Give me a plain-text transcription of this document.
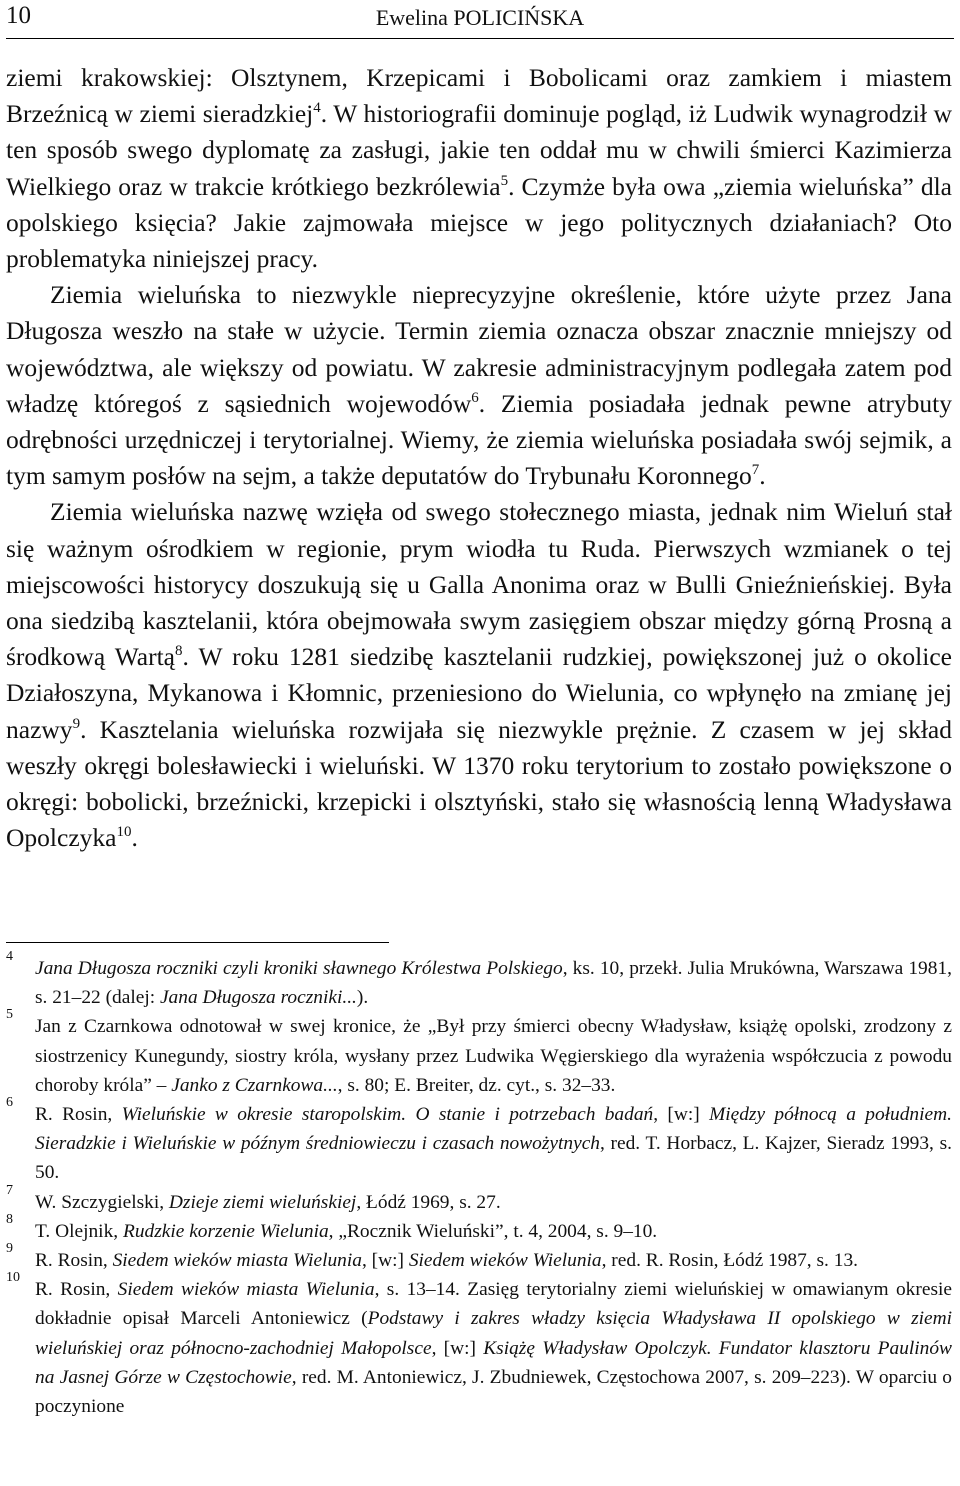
10	Ewelina POLICIŃSKA

ziemi krakowskiej: Olsztynem, Krzepicami i Bobolicami oraz zamkiem i miastem Brzeźnicą w ziemi sieradzkiej$^4$. W historiografii dominuje pogląd, iż Ludwik wynagrodził w ten sposób swego dyplomatę za zasługi, jakie ten oddał mu w chwili śmierci Kazimierza Wielkiego oraz w trakcie krótkiego bezkrólewia$^5$. Czymże była owa „ziemia wieluńska” dla opolskiego księcia? Jakie zajmowała miejsce w jego politycznych działaniach? Oto problematyka niniejszej pracy.

Ziemia wieluńska to niezwykle nieprecyzyjne określenie, które użyte przez Jana Długosza weszło na stałe w użycie. Termin ziemia oznacza obszar znacznie mniejszy od województwa, ale większy od powiatu. W zakresie administracyjnym podlegała zatem pod władzę któregoś z sąsiednich wojewodów$^6$. Ziemia posiadała jednak pewne atrybuty odrębności urzędniczej i terytorialnej. Wiemy, że ziemia wieluńska posiadała swój sejmik, a tym samym posłów na sejm, a także deputatów do Trybunału Koronnego$^7$.

Ziemia wieluńska nazwę wzięła od swego stołecznego miasta, jednak nim Wieluń stał się ważnym ośrodkiem w regionie, prym wiodła tu Ruda. Pierwszych wzmianek o tej miejscowości historycy doszukują się u Galla Anonima oraz w Bulli Gnieźnieńskiej. Była ona siedzibą kasztelanii, która obejmowała swym zasięgiem obszar między górną Prosną a środkową Wartą$^8$. W roku 1281 siedzibę kasztelanii rudzkiej, powiększonej już o okolice Działoszyna, Mykanowa i Kłomnic, przeniesiono do Wielunia, co wpłynęło na zmianę jej nazwy$^9$. Kasztelania wieluńska rozwijała się niezwykle prężnie. Z czasem w jej skład weszły okręgi bolesławiecki i wieluński. W 1370 roku terytorium to zostało powiększone o okręgi: bobolicki, brzeźnicki, krzepicki i olsztyński, stało się własnością lenną Władysława Opolczyka$^{10}$.

4
Jana Długosza roczniki czyli kroniki sławnego Królestwa Polskiego, ks. 10, przekł. Julia Mrukówna, Warszawa 1981, s. 21–22 (dalej: Jana Długosza roczniki...).
5
Jan z Czarnkowa odnotował w swej kronice, że „Był przy śmierci obecny Władysław, książę opolski, zrodzony z siostrzenicy Kunegundy, siostry króla, wysłany przez Ludwika Węgierskiego dla wyrażenia współczucia z powodu choroby króla” – Janko z Czarnkowa..., s. 80; E. Breiter, dz. cyt., s. 32–33.
6
R. Rosin, Wieluńskie w okresie staropolskim. O stanie i potrzebach badań, [w:] Między północą a południem. Sieradzkie i Wieluńskie w późnym średniowieczu i czasach nowożytnych, red. T. Horbacz, L. Kajzer, Sieradz 1993, s. 50.
7
W. Szczygielski, Dzieje ziemi wieluńskiej, Łódź 1969, s. 27.
8
T. Olejnik, Rudzkie korzenie Wielunia, „Rocznik Wieluński”, t. 4, 2004, s. 9–10.
9
R. Rosin, Siedem wieków miasta Wielunia, [w:] Siedem wieków Wielunia, red. R. Rosin, Łódź 1987, s. 13.
10
R. Rosin, Siedem wieków miasta Wielunia, s. 13–14. Zasięg terytorialny ziemi wieluńskiej w omawianym okresie dokładnie opisał Marceli Antoniewicz (Podstawy i zakres władzy księcia Władysława II opolskiego w ziemi wieluńskiej oraz północno-zachodniej Małopolsce, [w:] Książę Władysław Opolczyk. Fundator klasztoru Paulinów na Jasnej Górze w Częstochowie, red. M. Antoniewicz, J. Zbudniewek, Częstochowa 2007, s. 209–223). W oparciu o poczynione
